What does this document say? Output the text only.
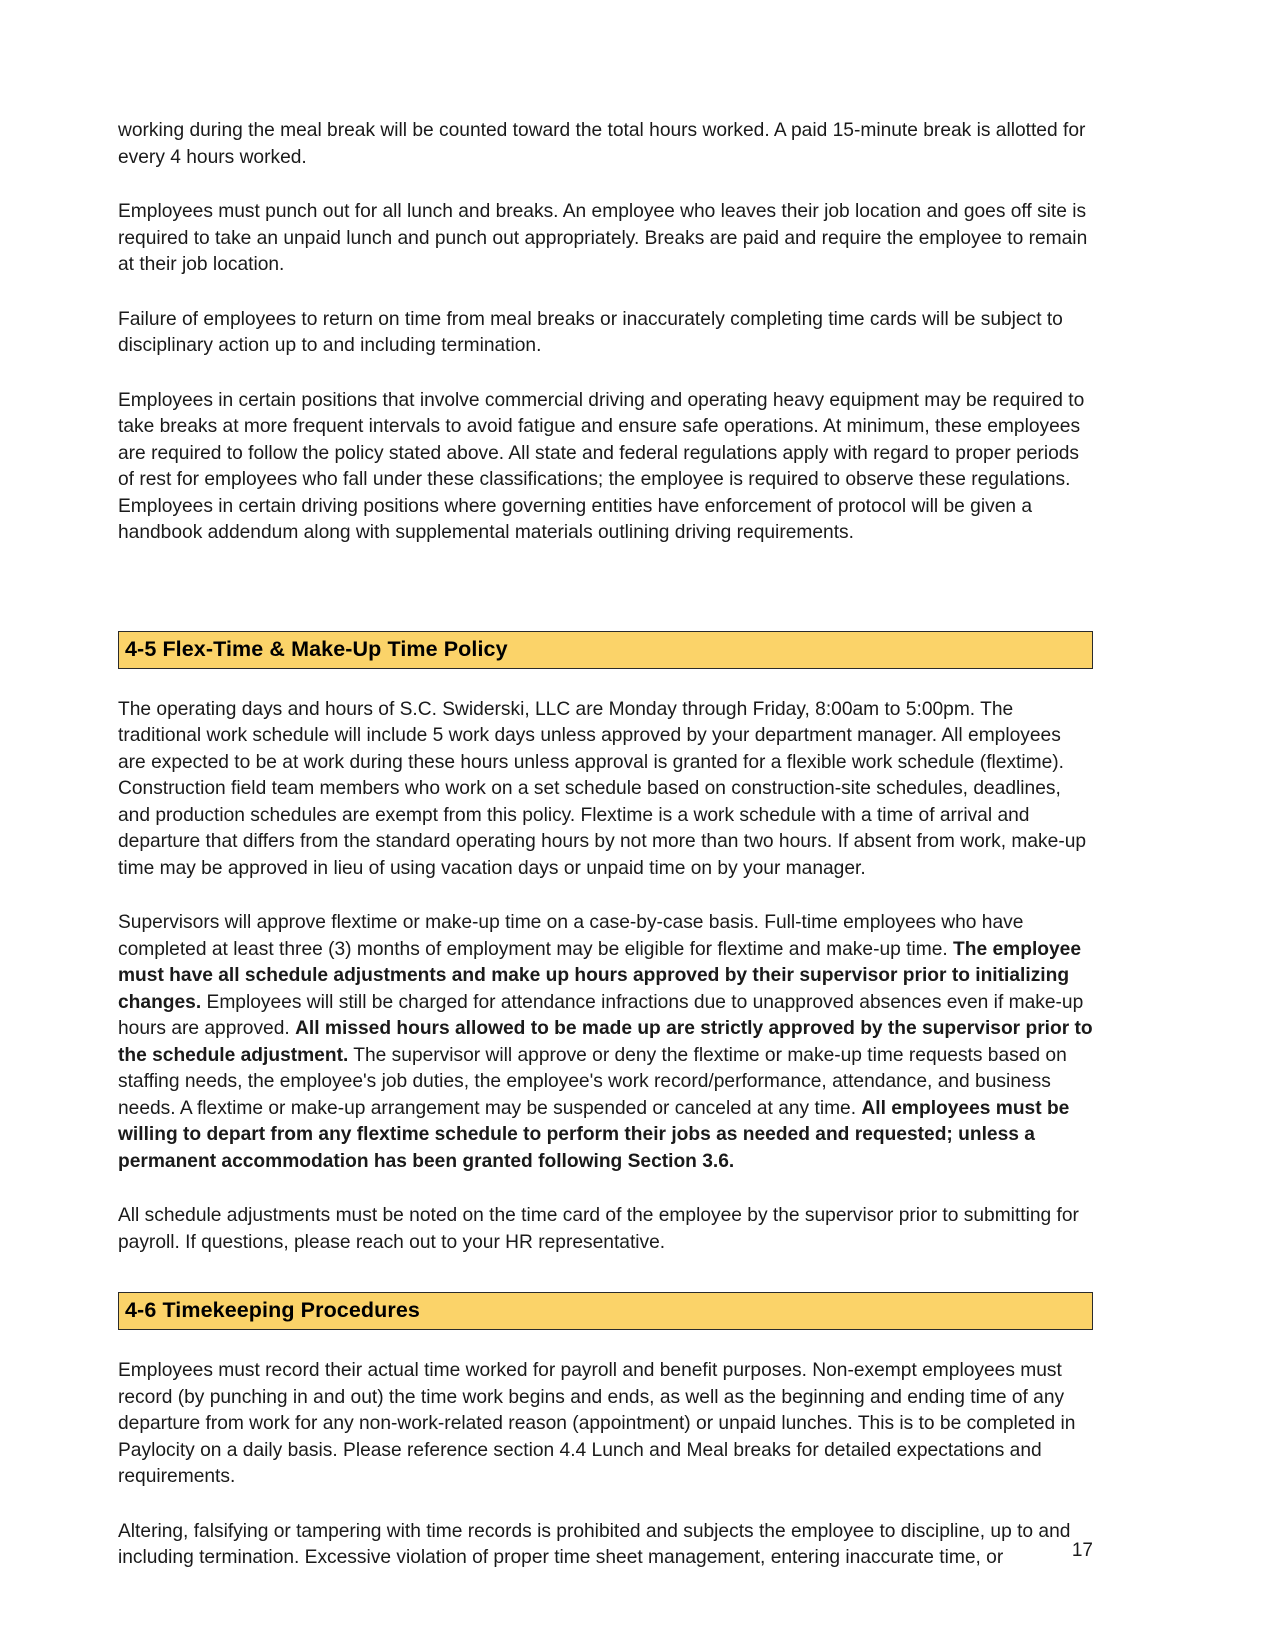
working during the meal break will be counted toward the total hours worked. A paid 15-minute break is allotted for every 4 hours worked.

Employees must punch out for all lunch and breaks. An employee who leaves their job location and goes off site is required to take an unpaid lunch and punch out appropriately. Breaks are paid and require the employee to remain at their job location.

Failure of employees to return on time from meal breaks or inaccurately completing time cards will be subject to disciplinary action up to and including termination.

Employees in certain positions that involve commercial driving and operating heavy equipment may be required to take breaks at more frequent intervals to avoid fatigue and ensure safe operations. At minimum, these employees are required to follow the policy stated above. All state and federal regulations apply with regard to proper periods of rest for employees who fall under these classifications; the employee is required to observe these regulations. Employees in certain driving positions where governing entities have enforcement of protocol will be given a handbook addendum along with supplemental materials outlining driving requirements.

4-5 Flex-Time & Make-Up Time Policy

The operating days and hours of S.C. Swiderski, LLC are Monday through Friday, 8:00am to 5:00pm. The traditional work schedule will include 5 work days unless approved by your department manager. All employees are expected to be at work during these hours unless approval is granted for a flexible work schedule (flextime). Construction field team members who work on a set schedule based on construction-site schedules, deadlines, and production schedules are exempt from this policy. Flextime is a work schedule with a time of arrival and departure that differs from the standard operating hours by not more than two hours. If absent from work, make-up time may be approved in lieu of using vacation days or unpaid time on by your manager.

Supervisors will approve flextime or make-up time on a case-by-case basis. Full-time employees who have completed at least three (3) months of employment may be eligible for flextime and make-up time. The employee must have all schedule adjustments and make up hours approved by their supervisor prior to initializing changes. Employees will still be charged for attendance infractions due to unapproved absences even if make-up hours are approved. All missed hours allowed to be made up are strictly approved by the supervisor prior to the schedule adjustment. The supervisor will approve or deny the flextime or make-up time requests based on staffing needs, the employee's job duties, the employee's work record/performance, attendance, and business needs. A flextime or make-up arrangement may be suspended or canceled at any time. All employees must be willing to depart from any flextime schedule to perform their jobs as needed and requested; unless a permanent accommodation has been granted following Section 3.6.

All schedule adjustments must be noted on the time card of the employee by the supervisor prior to submitting for payroll. If questions, please reach out to your HR representative.

4-6 Timekeeping Procedures

Employees must record their actual time worked for payroll and benefit purposes. Non-exempt employees must record (by punching in and out) the time work begins and ends, as well as the beginning and ending time of any departure from work for any non-work-related reason (appointment) or unpaid lunches. This is to be completed in Paylocity on a daily basis. Please reference section 4.4 Lunch and Meal breaks for detailed expectations and requirements.

Altering, falsifying or tampering with time records is prohibited and subjects the employee to discipline, up to and including termination. Excessive violation of proper time sheet management, entering inaccurate time, or	17
